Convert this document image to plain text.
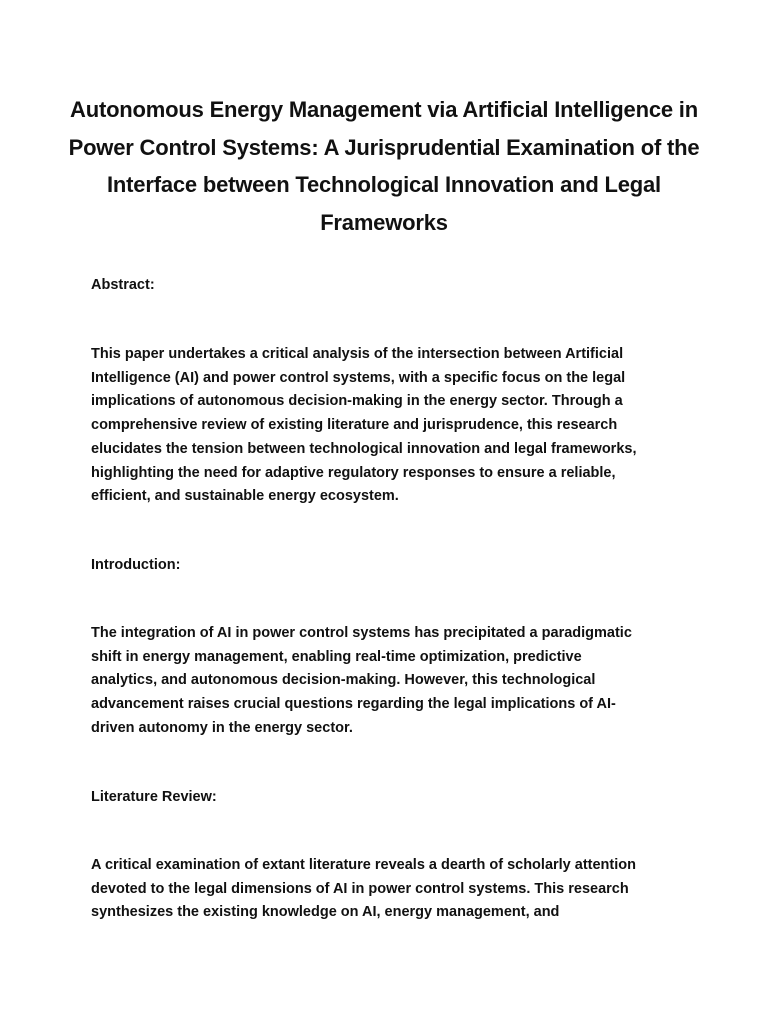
Autonomous Energy Management via Artificial Intelligence in Power Control Systems: A Jurisprudential Examination of the Interface between Technological Innovation and Legal Frameworks
Abstract:

This paper undertakes a critical analysis of the intersection between Artificial
Intelligence (AI) and power control systems, with a specific focus on the legal
implications of autonomous decision-making in the energy sector. Through a
comprehensive review of existing literature and jurisprudence, this research
elucidates the tension between technological innovation and legal frameworks,
highlighting the need for adaptive regulatory responses to ensure a reliable,
efficient, and sustainable energy ecosystem.

Introduction:

The integration of AI in power control systems has precipitated a paradigmatic
shift in energy management, enabling real-time optimization, predictive
analytics, and autonomous decision-making. However, this technological
advancement raises crucial questions regarding the legal implications of AI-
driven autonomy in the energy sector.

Literature Review:

A critical examination of extant literature reveals a dearth of scholarly attention
devoted to the legal dimensions of AI in power control systems. This research
synthesizes the existing knowledge on AI, energy management, and
